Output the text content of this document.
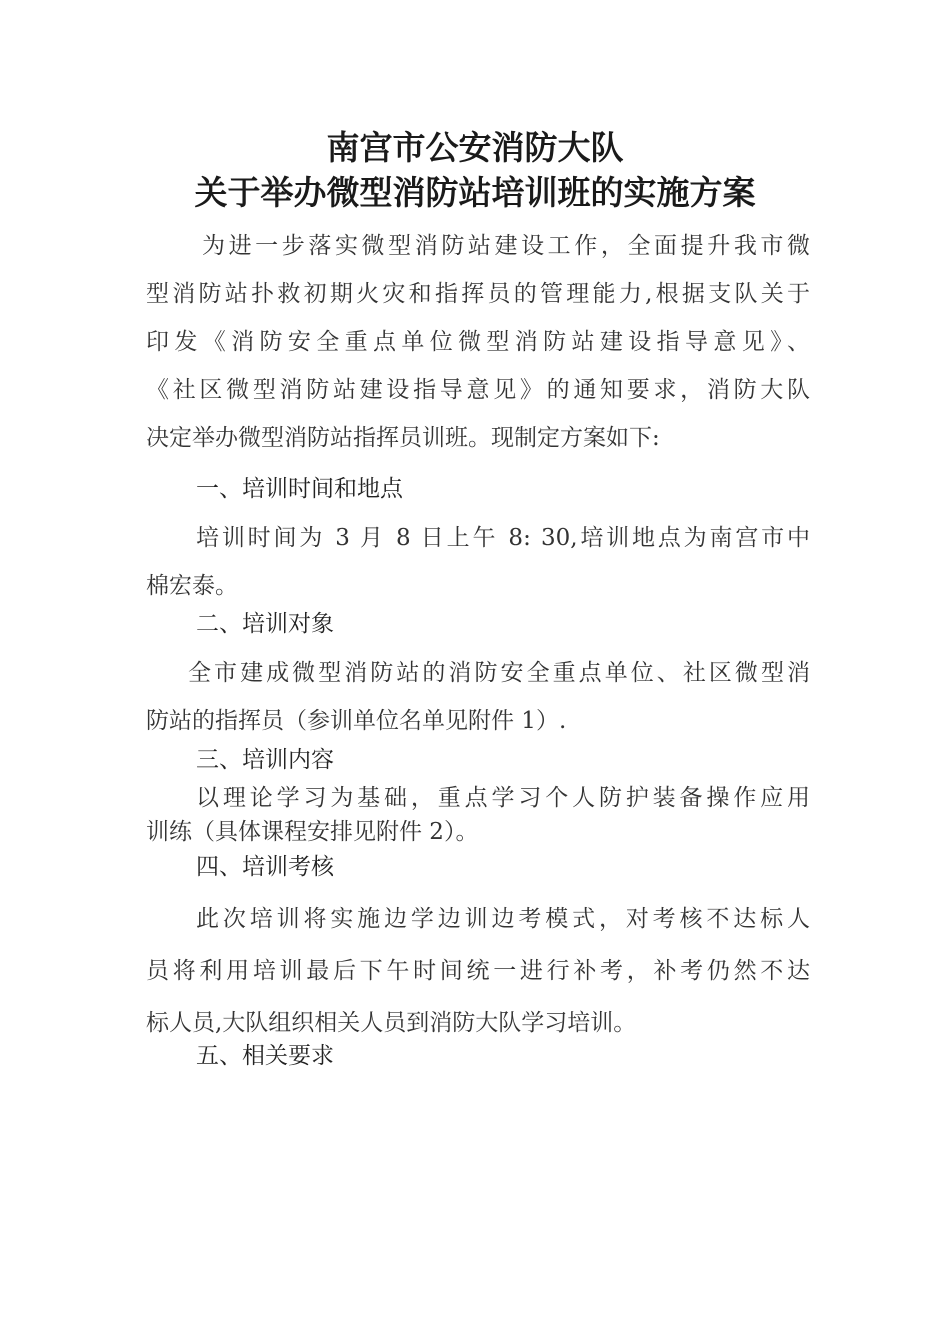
南宫市公安消防大队
关于举办微型消防站培训班的实施方案
为进一步落实微型消防站建设工作，全面提升我市微
型消防站扑救初期火灾和指挥员的管理能力,根据支队关于
印发《消防安全重点单位微型消防站建设指导意见》、
《社区微型消防站建设指导意见》的通知要求，消防大队
决定举办微型消防站指挥员训班。现制定方案如下:
一、培训时间和地点
培训时间为 3 月 8 日上午 8: 30,培训地点为南宫市中
棉宏泰。
二、培训对象
全市建成微型消防站的消防安全重点单位、社区微型消
防站的指挥员（参训单位名单见附件 1）.
三、培训内容
以理论学习为基础，重点学习个人防护装备操作应用
训练（具体课程安排见附件 2）。
四、培训考核
此次培训将实施边学边训边考模式，对考核不达标人
员将利用培训最后下午时间统一进行补考，补考仍然不达
标人员,大队组织相关人员到消防大队学习培训。
五、相关要求
